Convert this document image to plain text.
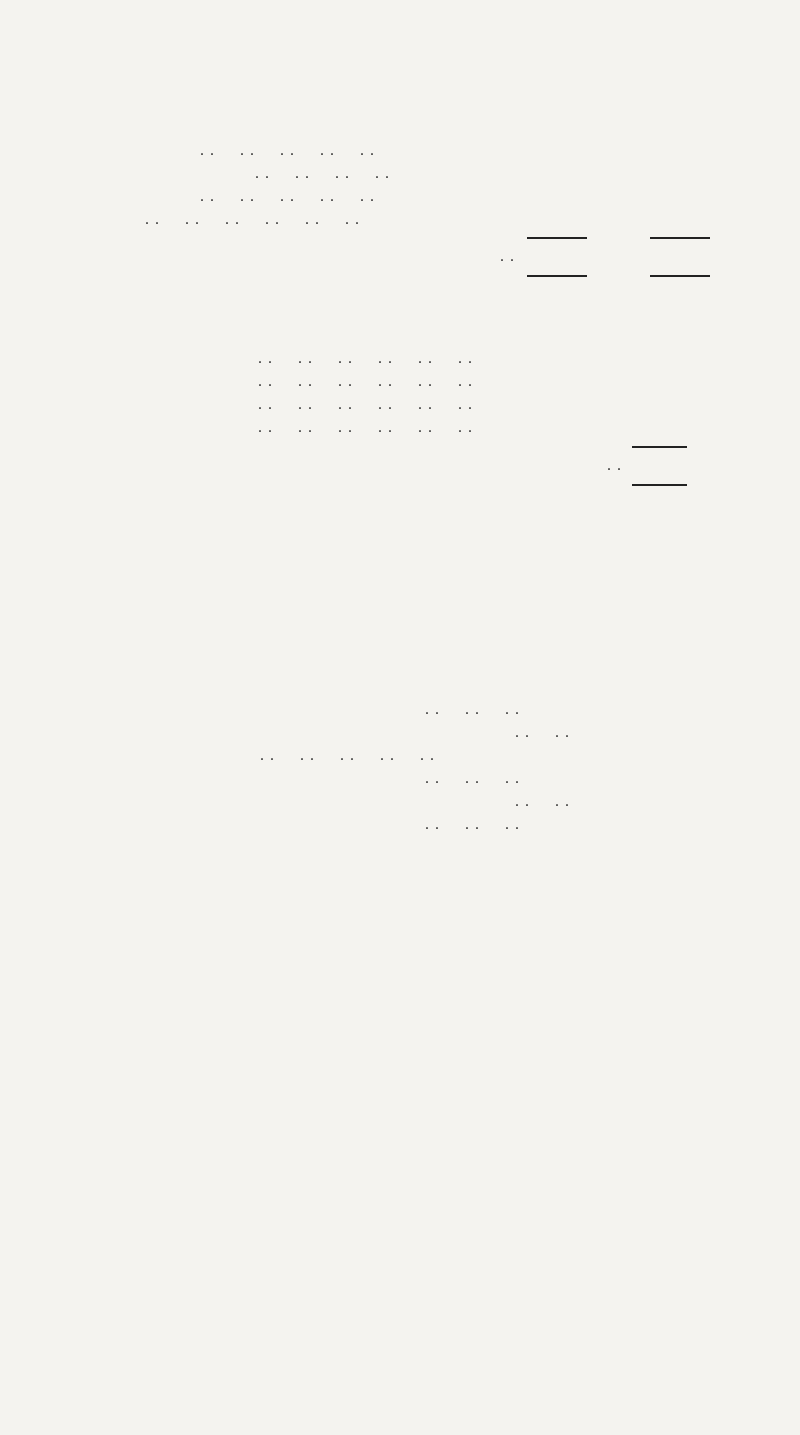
..  ..  ..  ..  ..
..  ..  ..  ..
..  ..  ..  ..  ..
..  ..  ..  ..  ..  ..
..
..  ..  ..  ..  ..  ..
..  ..  ..  ..  ..  ..
..  ..  ..  ..  ..  ..
..  ..  ..  ..  ..  ..
..
..  ..  ..
..  ..
..  ..  ..  ..  ..
..  ..  ..
..  ..
..  ..  ..
